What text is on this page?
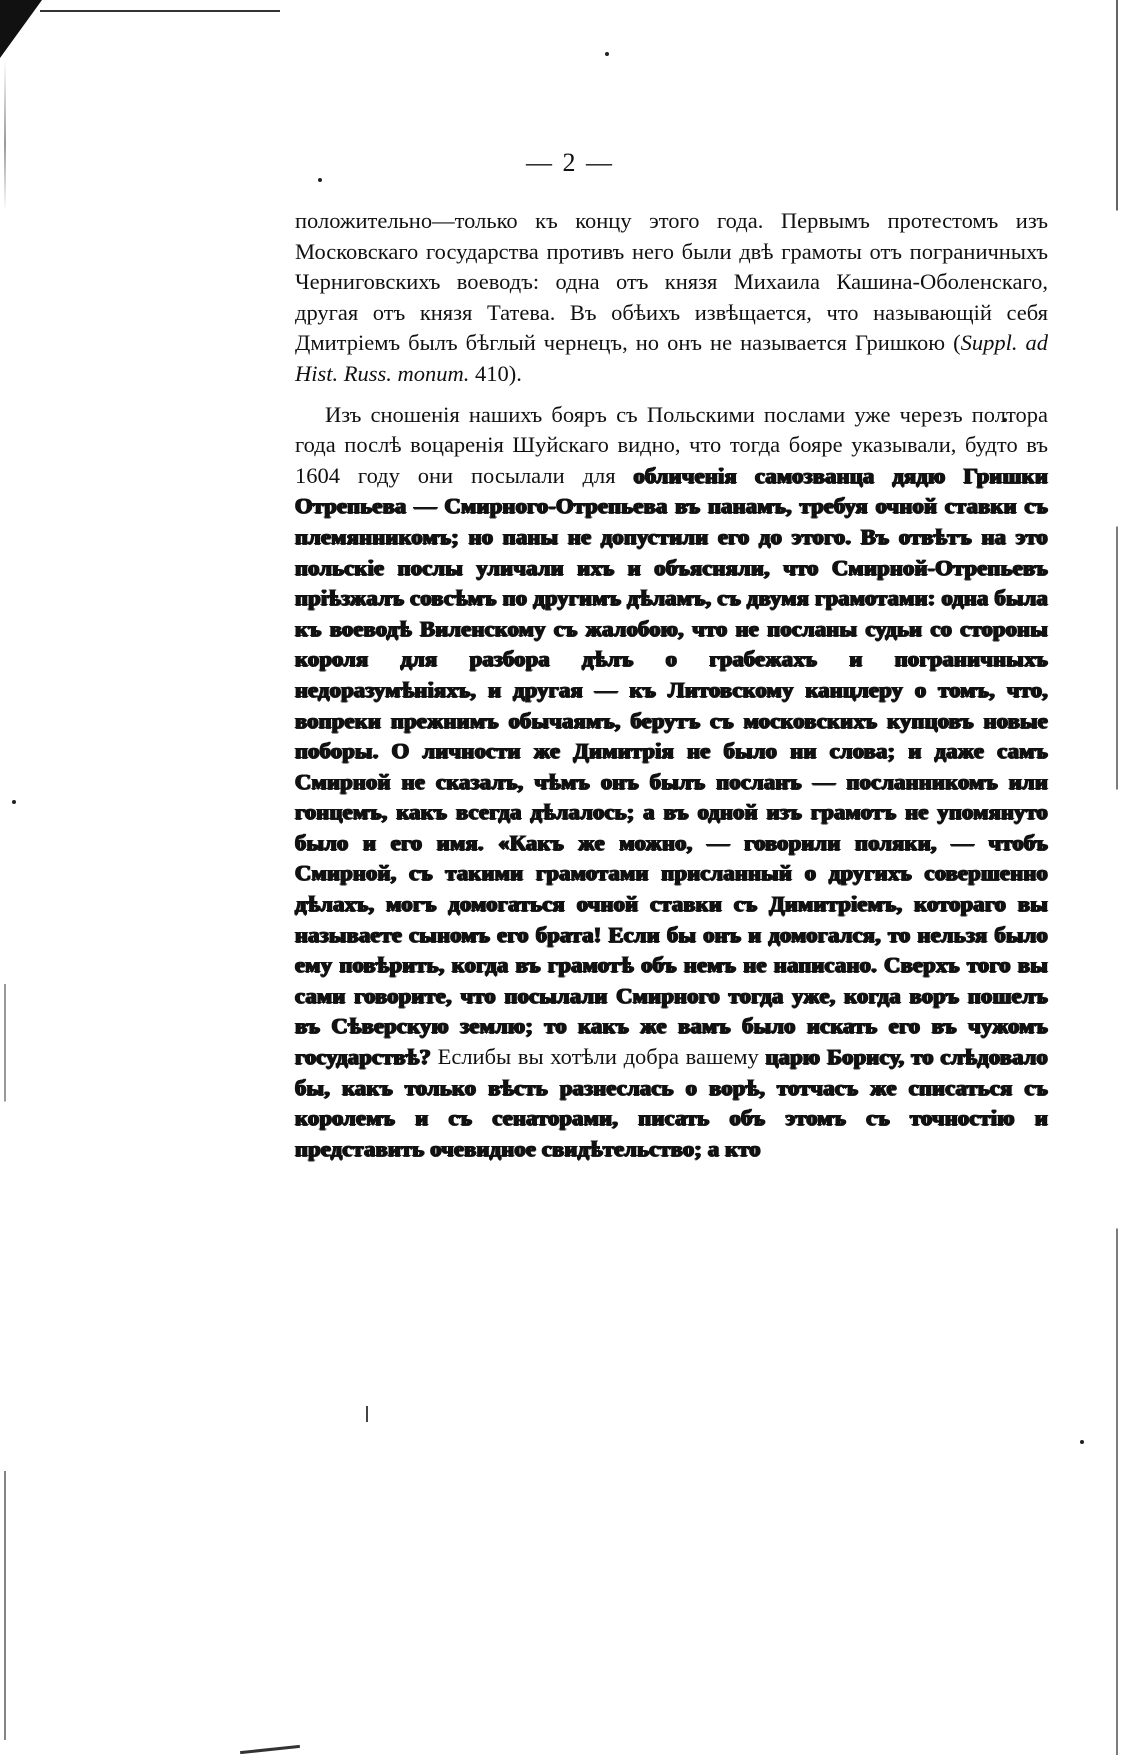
— 2 —

положительно—только къ концу этого года. Первымъ протестомъ изъ Московскаго государства противъ него были двѣ грамоты отъ пограничныхъ Черниговскихъ воеводъ: одна отъ князя Михаила Кашина-Оболенскаго, другая отъ князя Татева. Въ обѣихъ извѣщается, что называющій себя Дмитріемъ былъ бѣглый чернецъ, но онъ не называется Гришкою (Suppl. ad Hist. Russ. monum. 410).

Изъ сношенія нашихъ бояръ съ Польскими послами уже черезъ полтора года послѣ воцаренія Шуйскаго видно, что тогда бояре указывали, будто въ 1604 году они посылали для обличенія самозванца дядю Гришки Отрепьева — Смирного-Отрепьева въ панамъ, требуя очной ставки съ племянникомъ; но паны не допустили его до этого. Въ отвѣтъ на это польскіе послы уличали ихъ и объясняли, что Смирной-Отрепьевъ пріѣзжалъ совсѣмъ по другимъ дѣламъ, съ двумя грамотами: одна была къ воеводѣ Виленскому съ жалобою, что не посланы судьи со стороны короля для разбора дѣлъ о грабежахъ и пограничныхъ недоразумѣніяхъ, и другая — къ Литовскому канцлеру о томъ, что, вопреки прежнимъ обычаямъ, берутъ съ московскихъ купцовъ новые поборы. О личности же Димитрія не было ни слова; и даже самъ Смирной не сказалъ, чѣмъ онъ былъ посланъ — посланникомъ или гонцемъ, какъ всегда дѣлалось; а въ одной изъ грамотъ не упомянуто было и его имя. «Какъ же можно, — говорили поляки, — чтобъ Смирной, съ такими грамотами присланный о другихъ совершенно дѣлахъ, могъ домогаться очной ставки съ Димитріемъ, котораго вы называете сыномъ его брата! Если бы онъ и домогался, то нельзя было ему повѣрить, когда въ грамотѣ объ немъ не написано. Сверхъ того вы сами говорите, что посылали Смирного тогда уже, когда воръ пошелъ въ Сѣверскую землю; то какъ же вамъ было искать его въ чужомъ государствѣ? Еслибы вы хотѣли добра вашему царю Борису, то слѣдовало бы, какъ только вѣсть разнеслась о ворѣ, тотчасъ же списаться съ королемъ и съ сенаторами, писать объ этомъ съ точностію и представить очевидное свидѣтельство; а кто
